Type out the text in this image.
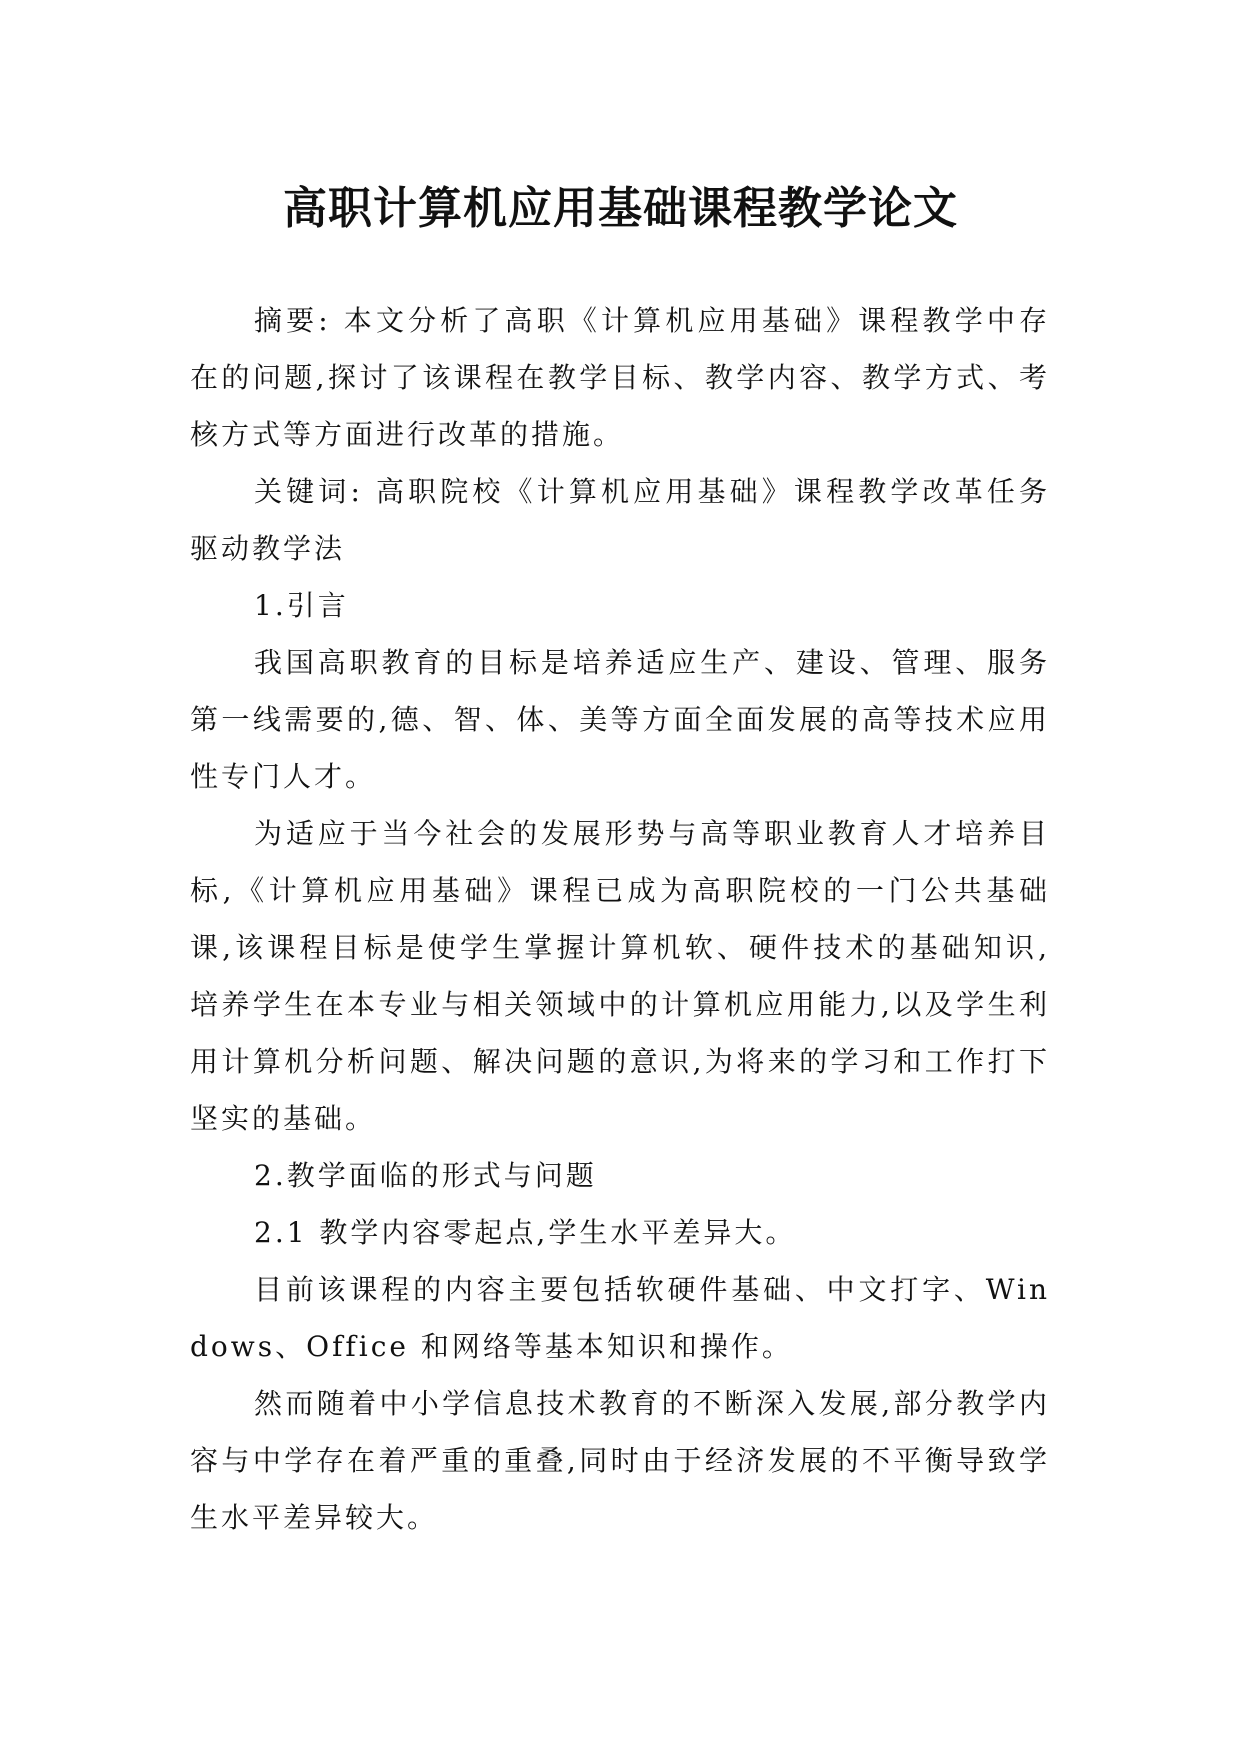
高职计算机应用基础课程教学论文

摘要: 本文分析了高职《计算机应用基础》课程教学中存在的问题,探讨了该课程在教学目标、教学内容、教学方式、考核方式等方面进行改革的措施。

关键词: 高职院校《计算机应用基础》课程教学改革任务驱动教学法

1.引言

我国高职教育的目标是培养适应生产、建设、管理、服务第一线需要的,德、智、体、美等方面全面发展的高等技术应用性专门人才。

为适应于当今社会的发展形势与高等职业教育人才培养目标,《计算机应用基础》课程已成为高职院校的一门公共基础课,该课程目标是使学生掌握计算机软、硬件技术的基础知识,培养学生在本专业与相关领域中的计算机应用能力,以及学生利用计算机分析问题、解决问题的意识,为将来的学习和工作打下坚实的基础。

2.教学面临的形式与问题

2.1 教学内容零起点,学生水平差异大。

目前该课程的内容主要包括软硬件基础、中文打字、Windows、Office 和网络等基本知识和操作。

然而随着中小学信息技术教育的不断深入发展,部分教学内容与中学存在着严重的重叠,同时由于经济发展的不平衡导致学生水平差异较大。
